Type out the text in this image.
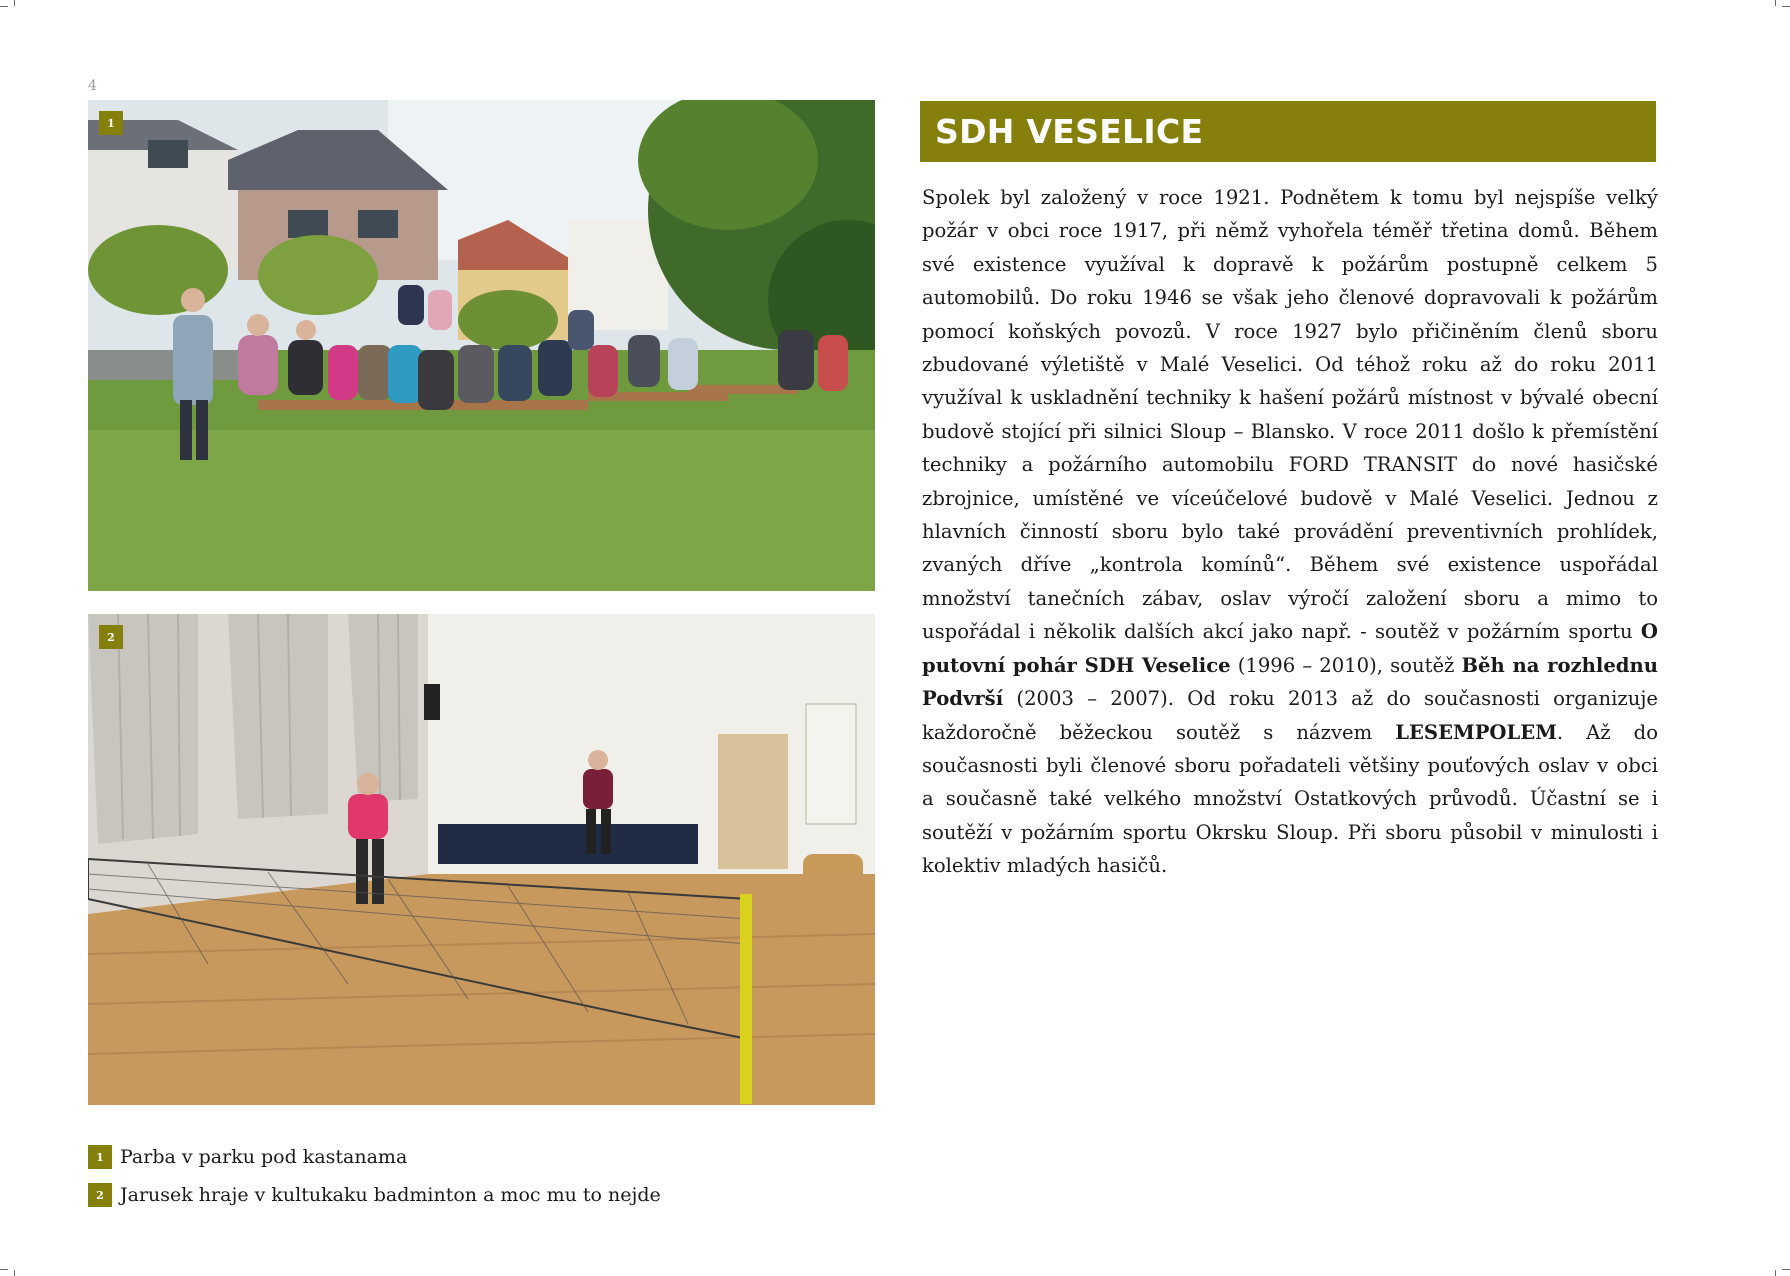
4
1
2
SDH VESELICE

Spolek byl založený v roce 1921. Podnětem k tomu byl nejspíše velký požár v obci roce 1917, při němž vyhořela téměř třetina domů. Během své existence využíval k dopravě k požárům postupně celkem 5 automobilů. Do roku 1946 se však jeho členové dopravovali k požárům pomocí koňských povozů. V roce 1927 bylo přičiněním členů sboru zbudované výletiště v Malé Veselici. Od téhož roku až do roku 2011 využíval k uskladnění techniky k hašení požárů místnost v bývalé obecní budově stojící při silnici Sloup – Blansko. V roce 2011 došlo k přemístění techniky a požárního automobilu FORD TRANSIT do nové hasičské zbrojnice, umístěné ve víceúčelové budově v Malé Veselici. Jednou z hlavních činností sboru bylo také provádění preventivních prohlídek, zvaných dříve „kontrola komínů“. Během své existence uspořádal množství tanečních zábav, oslav výročí založení sboru a mimo to uspořádal i několik dalších akcí jako např. - soutěž v požárním sportu O putovní pohár SDH Veselice (1996 – 2010), soutěž Běh na rozhlednu Podvrší (2003 – 2007). Od roku 2013 až do současnosti organizuje každoročně běžeckou soutěž s názvem LESEMPOLEM. Až do současnosti byli členové sboru pořadateli většiny pouťových oslav v obci a současně také velkého množství Ostatkových průvodů. Účastní se i soutěží v požárním sportu Okrsku Sloup. Při sboru působil v minulosti i kolektiv mladých hasičů.

1 Parba v parku pod kastanama
2 Jarusek hraje v kultukaku badminton a moc mu to nejde
